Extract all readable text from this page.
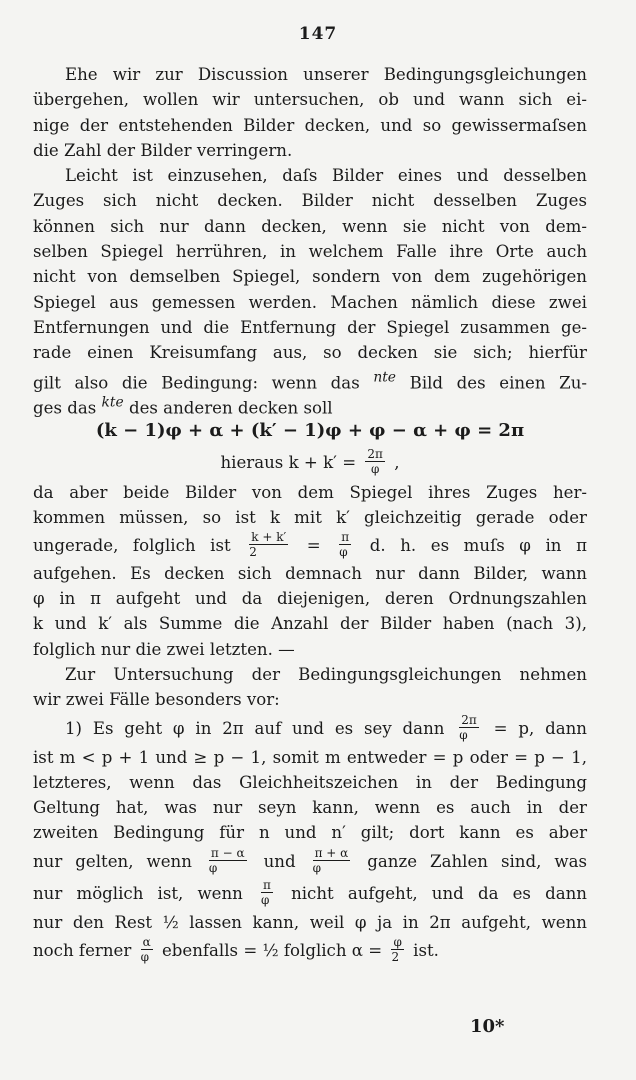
147
Ehe wir zur Discussion unserer Bedingungsgleichungen
übergehen, wollen wir untersuchen, ob und wann sich ei-
nige der entstehenden Bilder decken, und so gewissermaſsen
die Zahl der Bilder verringern.
Leicht ist einzusehen, daſs Bilder eines und desselben
Zuges sich nicht decken. Bilder nicht desselben Zuges
können sich nur dann decken, wenn sie nicht von dem-
selben Spiegel herrühren, in welchem Falle ihre Orte auch
nicht von demselben Spiegel, sondern von dem zugehörigen
Spiegel aus gemessen werden. Machen nämlich diese zwei
Entfernungen und die Entfernung der Spiegel zusammen ge-
rade einen Kreisumfang aus, so decken sie sich; hierfür
gilt also die Bedingung: wenn das $^{nte}$ Bild des einen Zu-
ges das $^{kte}$ des anderen decken soll
(k − 1)φ + α + (k′ − 1)φ + φ − α + φ = 2π
hieraus $k + k' = \frac{2\pi}{\varphi}$ ,
da aber beide Bilder von dem Spiegel ihres Zuges her-
kommen müssen, so ist k mit k′ gleichzeitig gerade oder
ungerade, folglich ist $\frac{k + k'}{2} = \frac{\pi}{\varphi} d$. h. es muſs φ in π
aufgehen. Es decken sich demnach nur dann Bilder, wann
φ in π aufgeht und da diejenigen, deren Ordnungszahlen
k und k′ als Summe die Anzahl der Bilder haben (nach 3),
folglich nur die zwei letzten. —
Zur Untersuchung der Bedingungsgleichungen nehmen
wir zwei Fälle besonders vor:
1) Es geht φ in 2π auf und es sey dann $\frac{2\pi}{\varphi} = p$, dann
ist m < p + 1 und ≥ p − 1, somit m entweder = p oder = p − 1,
letzteres, wenn das Gleichheitszeichen in der Bedingung
Geltung hat, was nur seyn kann, wenn es auch in der
zweiten Bedingung für n und n′ gilt; dort kann es aber
nur gelten, wenn $\frac{\pi - \alpha}{\varphi}$ und $\frac{\pi + \alpha}{\varphi}$ ganze Zahlen sind, was
nur möglich ist, wenn $\frac{\pi}{\varphi}$ nicht aufgeht, und da es dann
nur den Rest ½ lassen kann, weil φ ja in 2π aufgeht, wenn
noch ferner $\frac{\alpha}{\varphi}$ ebenfalls = ½ folglich $\alpha = \frac{\varphi}{2}$ ist.
10*
